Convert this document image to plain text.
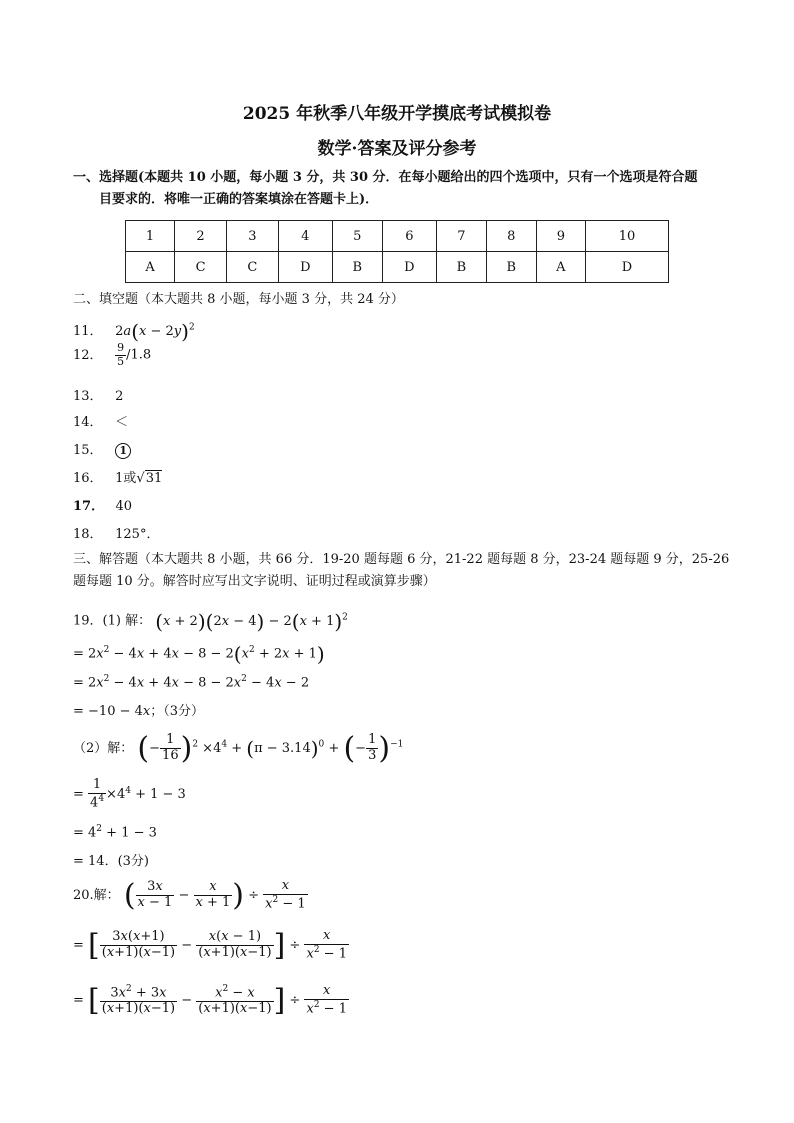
2025 年秋季八年级开学摸底考试模拟卷
数学·答案及评分参考
一、选择题(本题共 10 小题，每小题 3 分，共 30 分．在每小题给出的四个选项中，只有一个选项是符合题
目要求的．将唯一正确的答案填涂在答题卡上)．
1	2	3	4	5	6	7	8	9	10
A	C	C	D	B	D	B	B	A	D
二、填空题（本大题共 8 小题，每小题 3 分，共 24 分）
11． $2a(x - 2y)^2$
12． $\frac{9}{5} /1.8$
13． 2
14． ＜
15． 1
16． 1或√31
17． 40
18． 125°．
三、解答题（本大题共 8 小题，共 66 分．19-20 题每题 6 分，21-22 题每题 8 分，23-24 题每题 9 分，25-26
题每题 10 分。解答时应写出文字说明、证明过程或演算步骤）
19．(1) 解： $(x + 2)(2x - 4) - 2(x + 1)^2$
= $2x^2 - 4x + 4x - 8 - 2(x^2 + 2x + 1)$
= $2x^2 - 4x + 4x - 8 - 2x^2 - 4x - 2$
= −10 − 4x；（3分）
（2）解： (− $\frac{1}{16} )^2 \times 4^4 + (\pi - 3.14)^0$ + (− $\frac{1}{3} )^{-1}$
= $\frac{1}{4^4} \times 4^4 + 1 - 3$
= $4^2 + 1 - 3$
= 14．(3分)
20.解： ( $\frac{3x}{x - 1} - \frac{x}{x + 1}$ ) ÷ $\frac{x}{x^2 - 1}$
= [ $\frac{3x(x+1)}{(x+1)(x-1)} - \frac{x(x - 1)}{(x+1)(x-1)}$ ] ÷ $\frac{x}{x^2 - 1}$
= [ $\frac{3x^2 + 3x}{(x+1)(x-1)} - \frac{x^2 - x}{(x+1)(x-1)}$ ] ÷ $\frac{x}{x^2 - 1}$
